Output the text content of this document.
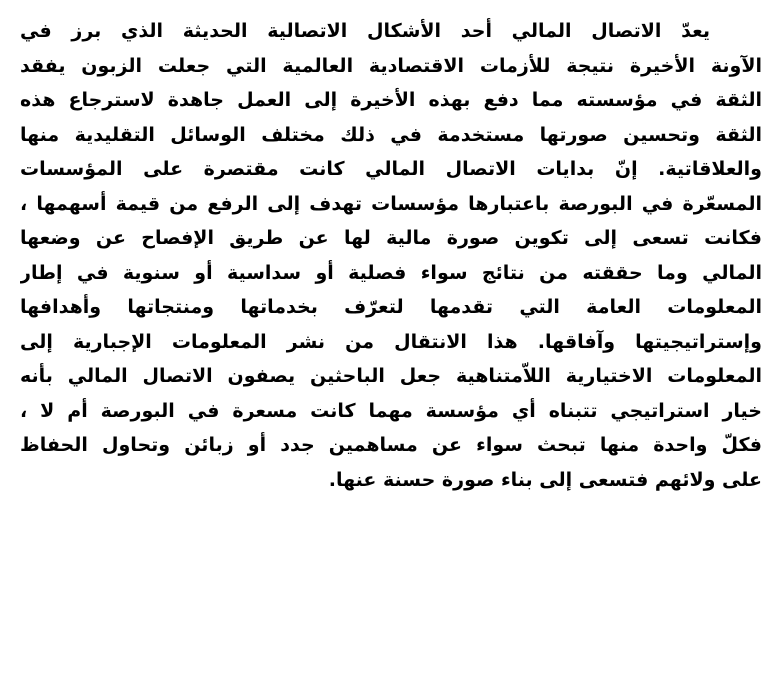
يعدّ الاتصال المالي أحد الأشكال الاتصالية الحديثة الذي برز في
الآونة الأخيرة نتيجة للأزمات الاقتصادية العالمية التي جعلت الزبون يفقد
الثقة في مؤسسته مما دفع بهذه الأخيرة إلى العمل جاهدة لاسترجاع هذه
الثقة وتحسين صورتها مستخدمة في ذلك مختلف الوسائل التقليدية منها
والعلاقاتية. إنّ بدايات الاتصال المالي كانت مقتصرة على المؤسسات
المسعّرة في البورصة باعتبارها مؤسسات تهدف إلى الرفع من قيمة أسهمها ،
فكانت تسعى إلى تكوين صورة مالية لها عن طريق الإفصاح عن وضعها
المالي وما حققته من نتائج سواء فصلية أو سداسية أو سنوية في إطار
المعلومات العامة التي تقدمها لتعرّف بخدماتها ومنتجاتها وأهدافها
وإستراتيجيتها وآفاقها. هذا الانتقال من نشر المعلومات الإجبارية إلى
المعلومات الاختيارية اللاّمتناهية جعل الباحثين يصفون الاتصال المالي بأنه
خيار استراتيجي تتبناه أي مؤسسة مهما كانت مسعرة في البورصة أم لا ،
فكلّ واحدة منها تبحث سواء عن مساهمين جدد أو زبائن وتحاول الحفاظ
على ولائهم فتسعى إلى بناء صورة حسنة عنها.
